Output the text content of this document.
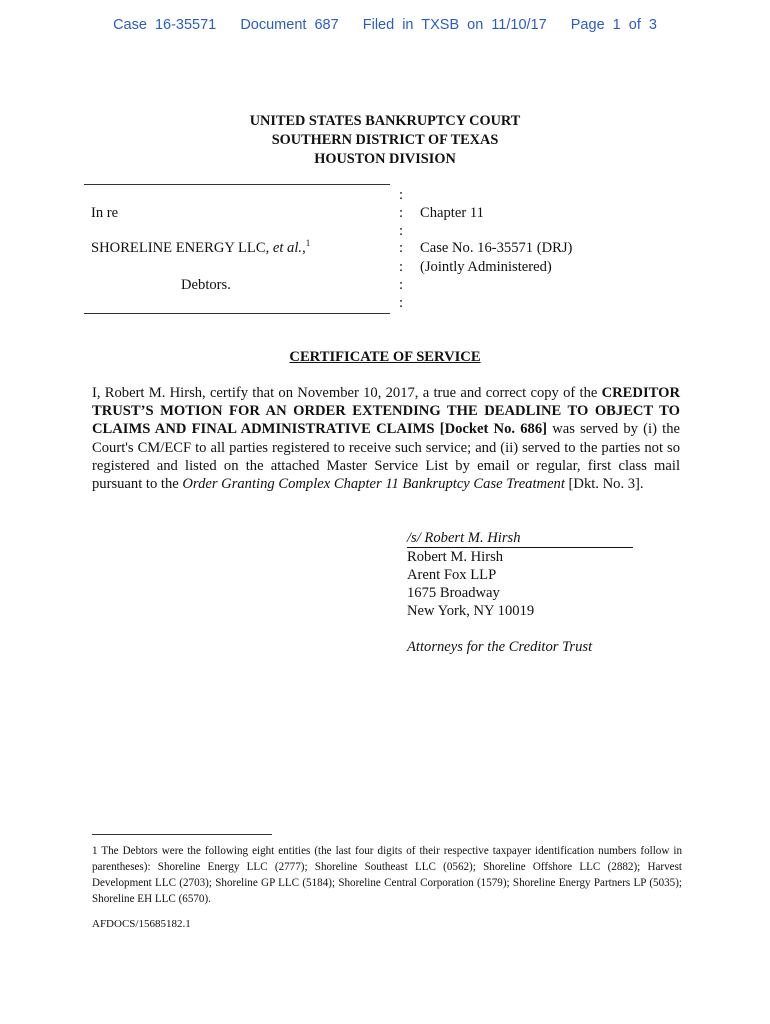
Case 16-35571 Document 687 Filed in TXSB on 11/10/17 Page 1 of 3
UNITED STATES BANKRUPTCY COURT
SOUTHERN DISTRICT OF TEXAS
HOUSTON DIVISION
In re
SHORELINE ENERGY LLC, et al.,$^1$
Debtors.
:
:
:
:
:
:
:
Chapter 11
Case No. 16-35571 (DRJ)
(Jointly Administered)
CERTIFICATE OF SERVICE
I, Robert M. Hirsh, certify that on November 10, 2017, a true and correct copy of the CREDITOR TRUST’S MOTION FOR AN ORDER EXTENDING THE DEADLINE TO OBJECT TO CLAIMS AND FINAL ADMINISTRATIVE CLAIMS [Docket No. 686] was served by (i) the Court's CM/ECF to all parties registered to receive such service; and (ii) served to the parties not so registered and listed on the attached Master Service List by email or regular, first class mail pursuant to the Order Granting Complex Chapter 11 Bankruptcy Case Treatment [Dkt. No. 3].
/s/ Robert M. Hirsh
Robert M. Hirsh
Arent Fox LLP
1675 Broadway
New York, NY 10019
Attorneys for the Creditor Trust
1 The Debtors were the following eight entities (the last four digits of their respective taxpayer identification numbers follow in parentheses): Shoreline Energy LLC (2777); Shoreline Southeast LLC (0562); Shoreline Offshore LLC (2882); Harvest Development LLC (2703); Shoreline GP LLC (5184); Shoreline Central Corporation (1579); Shoreline Energy Partners LP (5035); Shoreline EH LLC (6570).
AFDOCS/15685182.1
